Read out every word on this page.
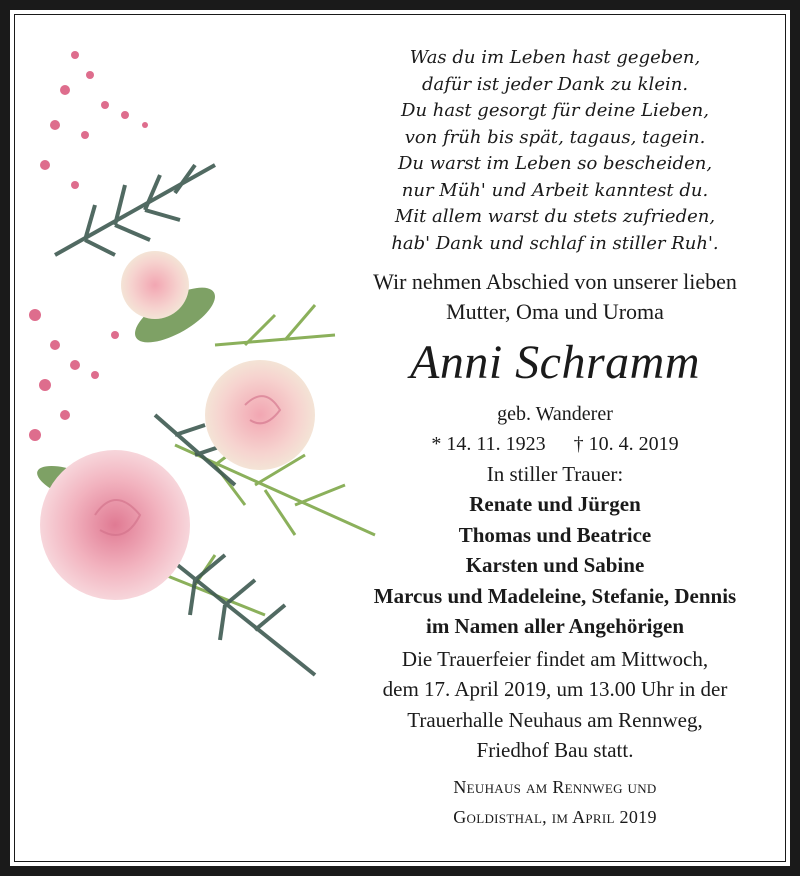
Was du im Leben hast gegeben,
dafür ist jeder Dank zu klein.
Du hast gesorgt für deine Lieben,
von früh bis spät, tagaus, tagein.
Du warst im Leben so bescheiden,
nur Müh' und Arbeit kanntest du.
Mit allem warst du stets zufrieden,
hab' Dank und schlaf in stiller Ruh'.
Wir nehmen Abschied von unserer lieben
Mutter, Oma und Uroma
Anni Schramm
geb. Wanderer
* 14. 11. 1923 † 10. 4. 2019
In stiller Trauer:
Renate und Jürgen
Thomas und Beatrice
Karsten und Sabine
Marcus und Madeleine, Stefanie, Dennis
im Namen aller Angehörigen
Die Trauerfeier findet am Mittwoch,
dem 17. April 2019, um 13.00 Uhr in der
Trauerhalle Neuhaus am Rennweg,
Friedhof Bau statt.
Neuhaus am Rennweg und
Goldisthal, im April 2019
